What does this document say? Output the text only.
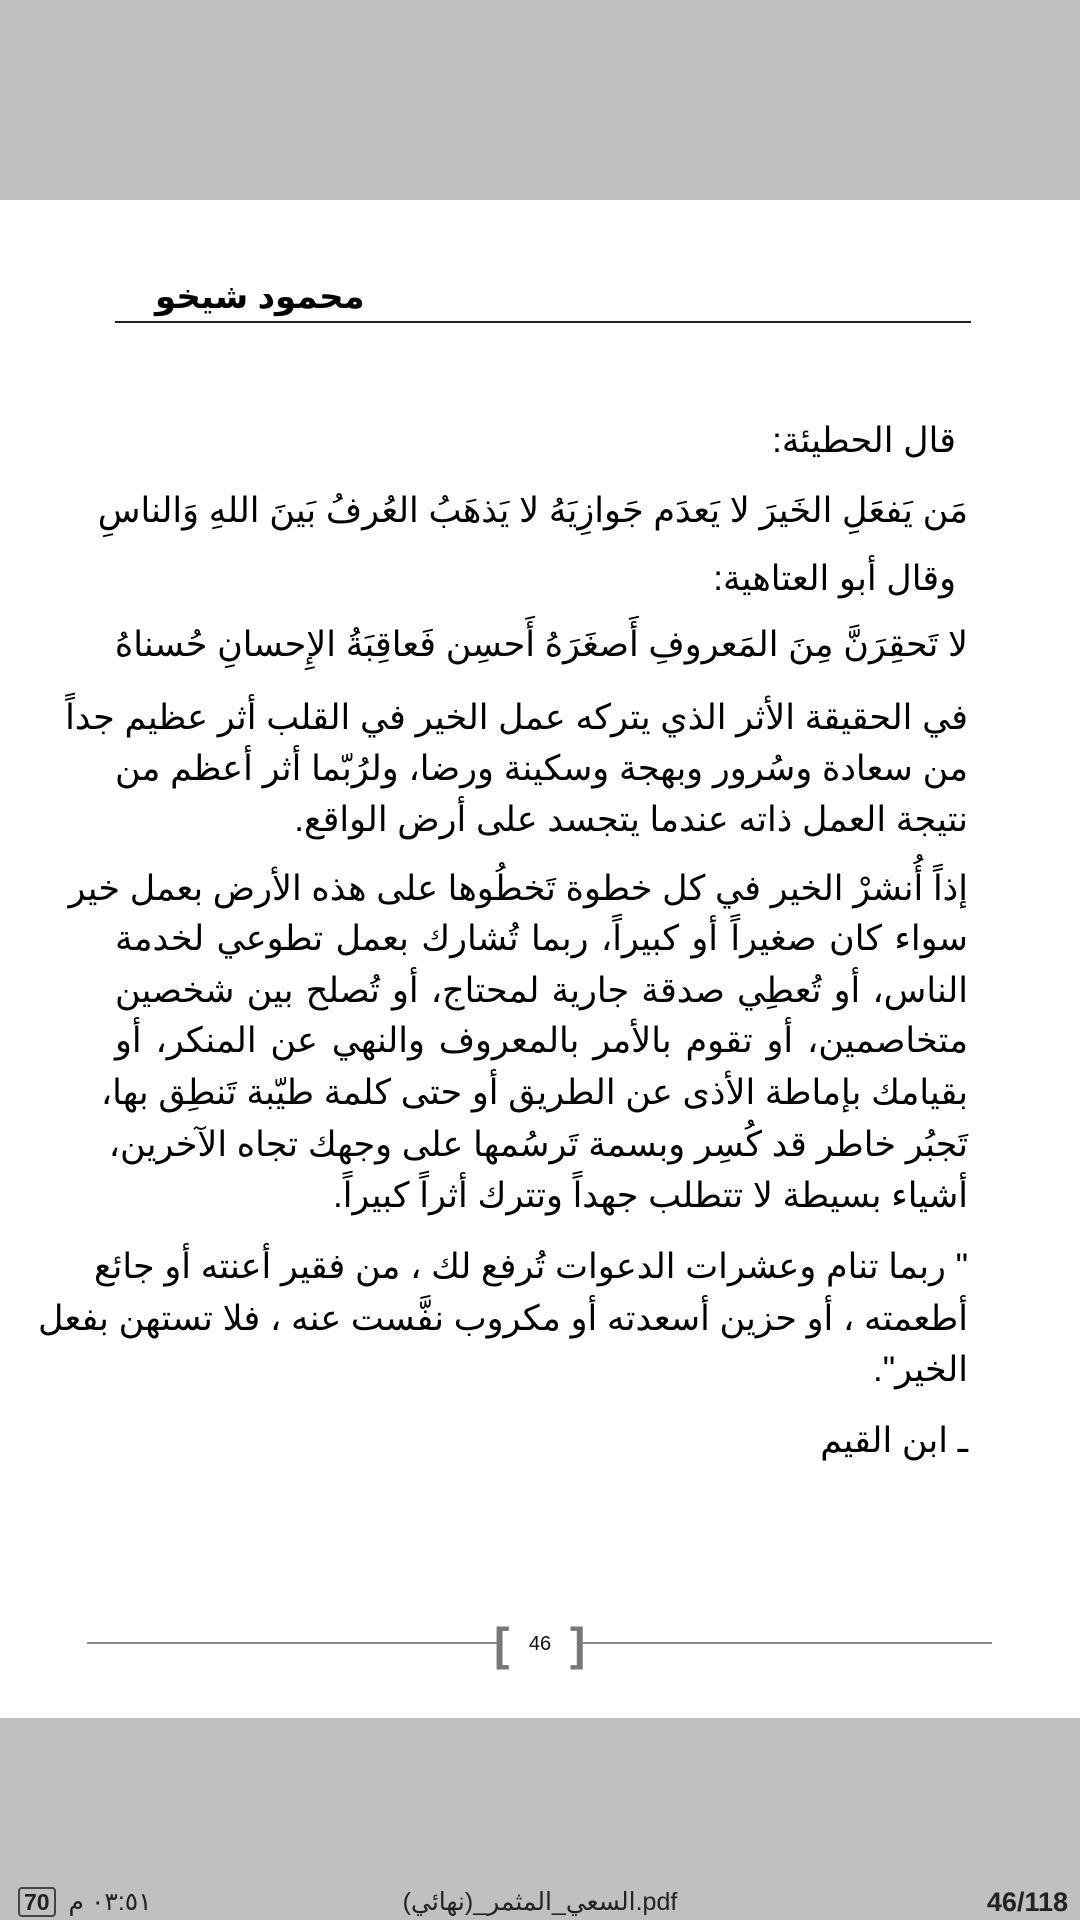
محمود شيخو
قال الحطيئة:
مَن يَفعَلِ الخَيرَ لا يَعدَم جَوازِيَهُ لا يَذهَبُ العُرفُ بَينَ اللهِ وَالناسِ
وقال أبو العتاهية:
لا تَحقِرَنَّ مِنَ المَعروفِ أَصغَرَهُ أَحسِن فَعاقِبَةُ الإِحسانِ حُسناهُ
في الحقيقة الأثر الذي يتركه عمل الخير في القلب أثر عظيم جداً
من سعادة وسُرور وبهجة وسكينة ورضا، ولرُبّما أثر أعظم من
نتيجة العمل ذاته عندما يتجسد على أرض الواقع.
إذاً أُنشرْ الخير في كل خطوة تَخطُوها على هذه الأرض بعمل خير
سواء كان صغيراً أو كبيراً، ربما تُشارك بعمل تطوعي لخدمة
الناس، أو تُعطِي صدقة جارية لمحتاج، أو تُصلح بين شخصين
متخاصمين، أو تقوم بالأمر بالمعروف والنهي عن المنكر، أو
بقيامك بإماطة الأذى عن الطريق أو حتى كلمة طيّبة تَنطِق بها،
تَجبُر خاطر قد كُسِر وبسمة تَرسُمها على وجهك تجاه الآخرين،
أشياء بسيطة لا تتطلب جهداً وتترك أثراً كبيراً.
" ربما تنام وعشرات الدعوات تُرفع لك ، من فقير أعنته أو جائع
أطعمته ، أو حزين أسعدته أو مكروب نفَّست عنه ، فلا تستهن بفعل
الخير".
ـ ابن القيم
[ ]
46
70 ٠٣:٥١ م	السعي_المثمر_(نهائي).pdf	46/118
